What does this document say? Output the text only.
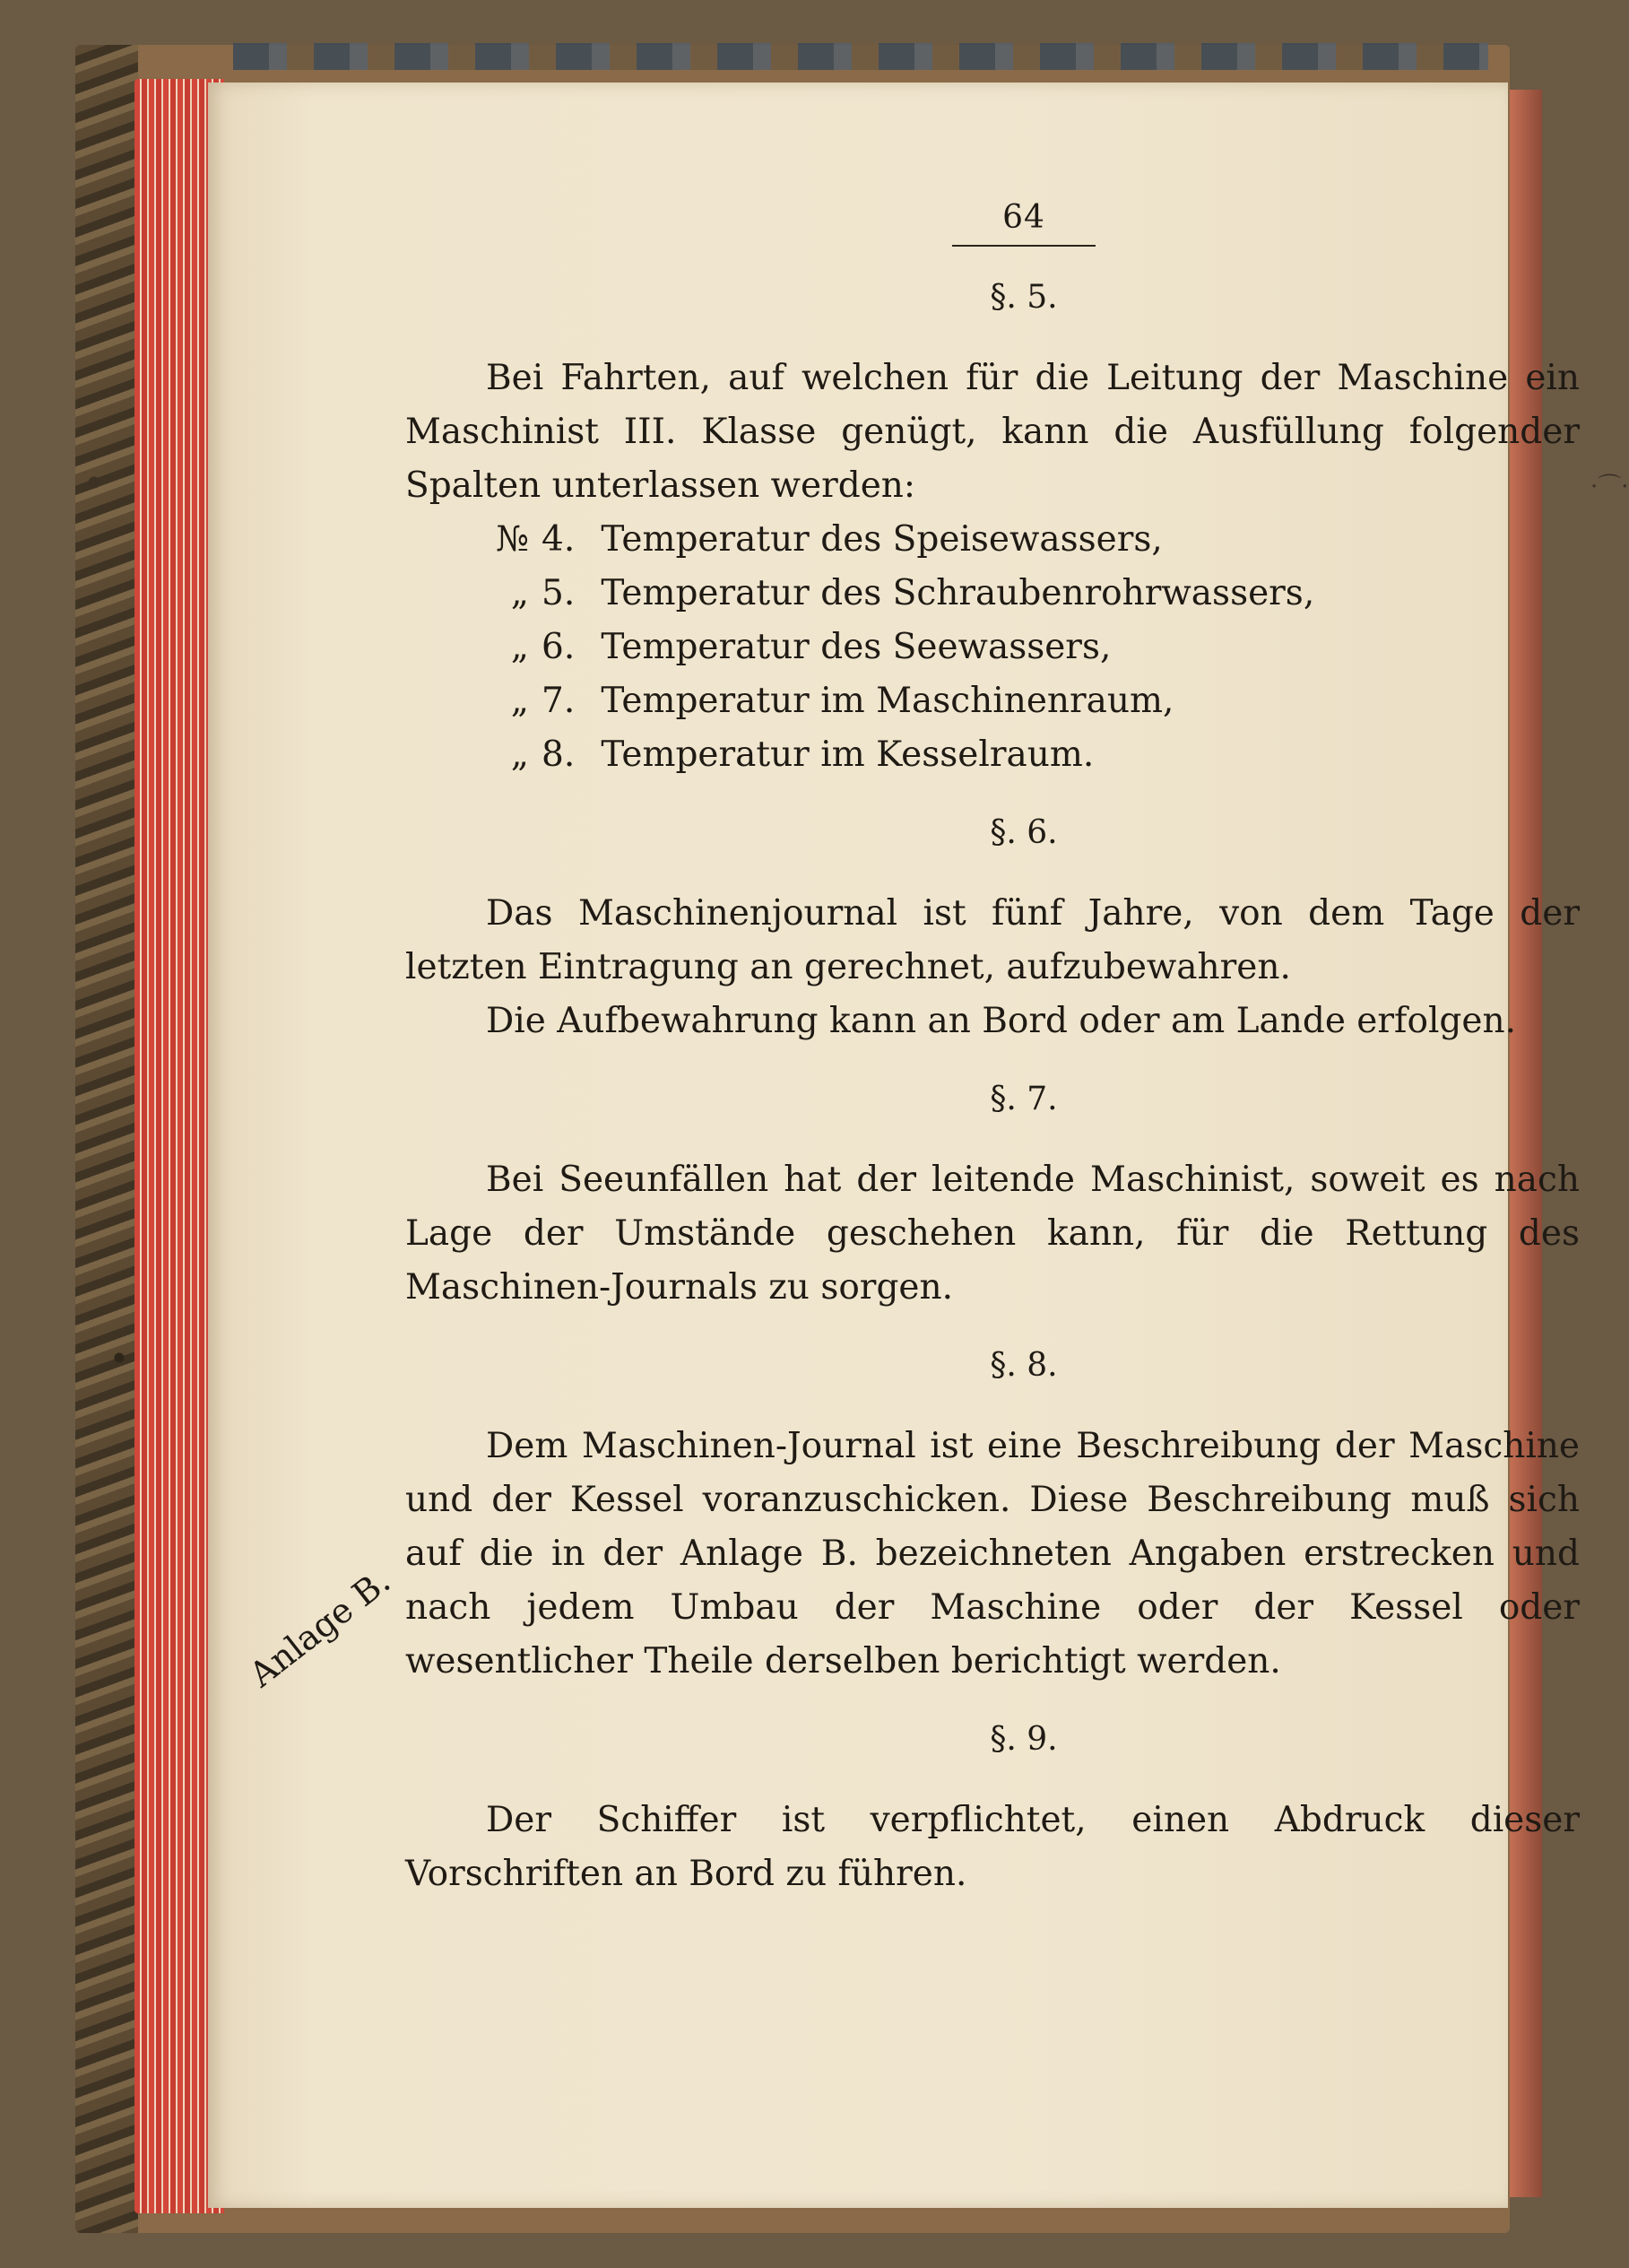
·⌒·
64
§. 5.

Bei Fahrten, auf welchen für die Leitung der Maschine ein Maschinist III. Klasse genügt, kann die Ausfüllung folgender Spalten unterlassen werden:

№ 4. Temperatur des Speisewassers,
„ 5. Temperatur des Schraubenrohrwassers,
„ 6. Temperatur des Seewassers,
„ 7. Temperatur im Maschinenraum,
„ 8. Temperatur im Kesselraum.
§. 6.

Das Maschinenjournal ist fünf Jahre, von dem Tage der letzten Eintragung an gerechnet, aufzubewahren.

Die Aufbewahrung kann an Bord oder am Lande erfolgen.

§. 7.

Bei Seeunfällen hat der leitende Maschinist, soweit es nach Lage der Umstände geschehen kann, für die Rettung des Maschinen-Journals zu sorgen.

§. 8.

Dem Maschinen-Journal ist eine Beschreibung der Maschine und der Kessel voranzuschicken. Diese Beschreibung muß sich auf die in der Anlage B. bezeichneten Angaben erstrecken und nach jedem Umbau der Maschine oder der Kessel oder wesentlicher Theile derselben berichtigt werden.

§. 9.

Der Schiffer ist verpflichtet, einen Abdruck dieser Vorschriften an Bord zu führen.

Anlage B.
